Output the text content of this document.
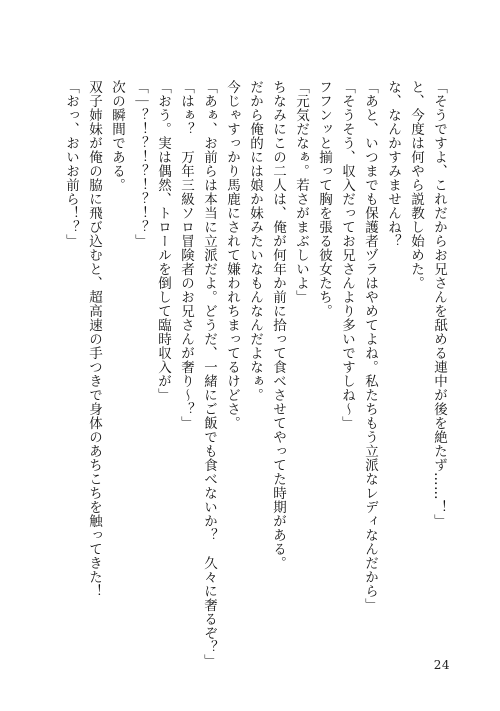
「そうですよ、これだからお兄さんを舐める連中が後を絶たず……！」

と、今度は何やら説教し始めた。

な、なんかすみませんね？

「あと、いつまでも保護者ヅラはやめてよね。私たちもう立派なレディなんだから」

「そうそう、収入だってお兄さんより多いですしね〜」

フフンッと揃って胸を張る彼女たち。

「元気だなぁ。若さがまぶしいよ」

ちなみにこの二人は、俺が何年か前に拾って食べさせてやってた時期がある。

だから俺的には娘か妹みたいなもんなんだよなぁ。

今じゃすっかり馬鹿にされて嫌われちまってるけどさ。

「あぁ、お前らは本当に立派だよ。どうだ、一緒にご飯でも食べないか？　久々に奢るぞ？」

「はぁ？　万年三級ソロ冒険者のお兄さんが奢り〜？」

「おう。実は偶然、トロールを倒して臨時収入が」

「｜？！？！？！？！？」

次の瞬間である。

双子姉妹が俺の脇に飛び込むと、超高速の手つきで身体のあちこちを触ってきた！

「おっ、おいお前ら！？」

24
